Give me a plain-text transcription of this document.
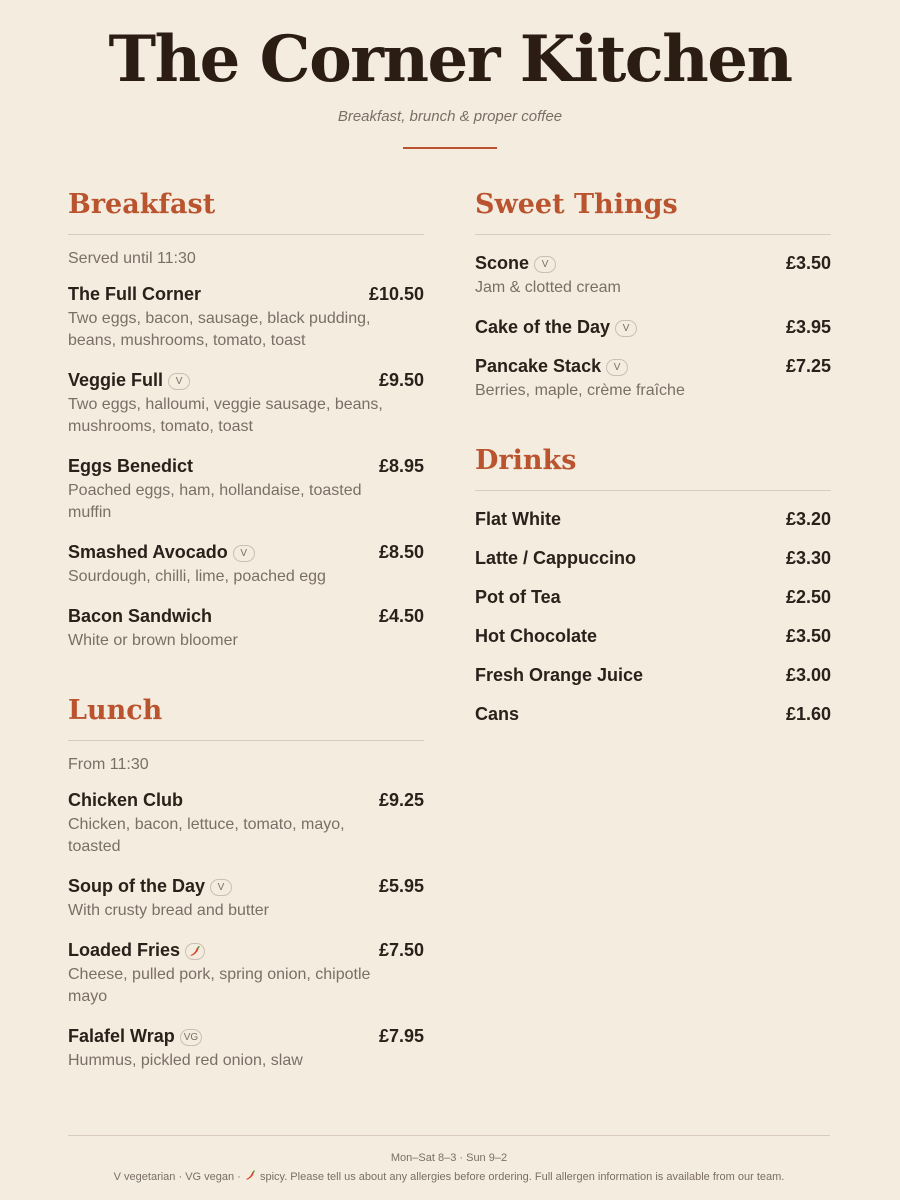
The Corner Kitchen
Breakfast, brunch & proper coffee
Breakfast
Served until 11:30
The Full Corner	£10.50
Two eggs, bacon, sausage, black pudding, beans, mushrooms, tomato, toast
Veggie Full V	£9.50
Two eggs, halloumi, veggie sausage, beans, mushrooms, tomato, toast
Eggs Benedict	£8.95
Poached eggs, ham, hollandaise, toasted muffin
Smashed Avocado V	£8.50
Sourdough, chilli, lime, poached egg
Bacon Sandwich	£4.50
White or brown bloomer
Lunch
From 11:30
Chicken Club	£9.25
Chicken, bacon, lettuce, tomato, mayo, toasted
Soup of the Day V	£5.95
With crusty bread and butter
Loaded Fries	£7.50
Cheese, pulled pork, spring onion, chipotle mayo
Falafel Wrap VG	£7.95
Hummus, pickled red onion, slaw
Sweet Things
Scone V	£3.50
Jam & clotted cream
Cake of the Day V	£3.95
Pancake Stack V	£7.25
Berries, maple, crème fraîche
Drinks
Flat White	£3.20
Latte / Cappuccino	£3.30
Pot of Tea	£2.50
Hot Chocolate	£3.50
Fresh Orange Juice	£3.00
Cans	£1.60
Mon–Sat 8–3 · Sun 9–2
V vegetarian · VG vegan ·  spicy. Please tell us about any allergies before ordering. Full allergen information is available from our team.
